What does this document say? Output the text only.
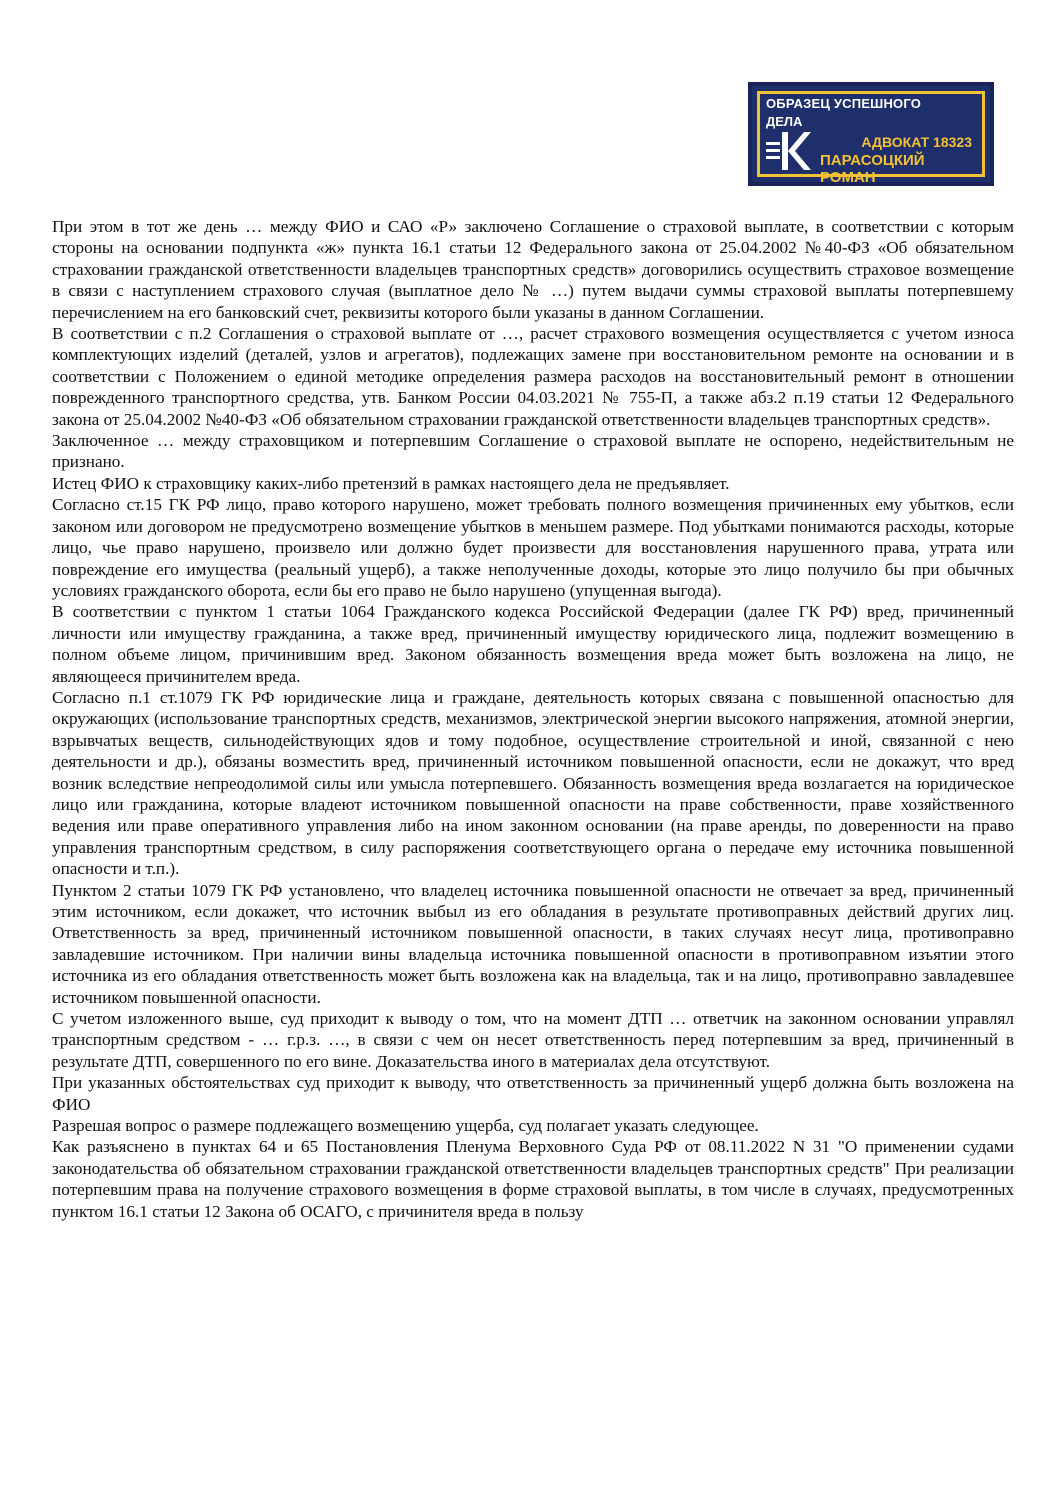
ОБРАЗЕЦ УСПЕШНОГО
ДЕЛА
АДВОКАТ 18323
ПАРАСОЦКИЙ РОМАН

При этом в тот же день … между ФИО и САО «Р» заключено Соглашение о страховой выплате, в соответствии с которым стороны на основании подпункта «ж» пункта 16.1 статьи 12 Федерального закона от 25.04.2002 №40-ФЗ «Об обязательном страховании гражданской ответственности владельцев транспортных средств» договорились осуществить страховое возмещение в связи с наступлением страхового случая (выплатное дело № …) путем выдачи суммы страховой выплаты потерпевшему перечислением на его банковский счет, реквизиты которого были указаны в данном Соглашении.

В соответствии с п.2 Соглашения о страховой выплате от …, расчет страхового возмещения осуществляется с учетом износа комплектующих изделий (деталей, узлов и агрегатов), подлежащих замене при восстановительном ремонте на основании и в соответствии с Положением о единой методике определения размера расходов на восстановительный ремонт в отношении поврежденного транспортного средства, утв. Банком России 04.03.2021 № 755-П, а также абз.2 п.19 статьи 12 Федерального закона от 25.04.2002 №40-ФЗ «Об обязательном страховании гражданской ответственности владельцев транспортных средств».

Заключенное … между страховщиком и потерпевшим Соглашение о страховой выплате не оспорено, недействительным не признано.

Истец ФИО к страховщику каких-либо претензий в рамках настоящего дела не предъявляет.

Согласно ст.15 ГК РФ лицо, право которого нарушено, может требовать полного возмещения причиненных ему убытков, если законом или договором не предусмотрено возмещение убытков в меньшем размере. Под убытками понимаются расходы, которые лицо, чье право нарушено, произвело или должно будет произвести для восстановления нарушенного права, утрата или повреждение его имущества (реальный ущерб), а также неполученные доходы, которые это лицо получило бы при обычных условиях гражданского оборота, если бы его право не было нарушено (упущенная выгода).

В соответствии с пунктом 1 статьи 1064 Гражданского кодекса Российской Федерации (далее ГК РФ) вред, причиненный личности или имуществу гражданина, а также вред, причиненный имуществу юридического лица, подлежит возмещению в полном объеме лицом, причинившим вред. Законом обязанность возмещения вреда может быть возложена на лицо, не являющееся причинителем вреда.

Согласно п.1 ст.1079 ГК РФ юридические лица и граждане, деятельность которых связана с повышенной опасностью для окружающих (использование транспортных средств, механизмов, электрической энергии высокого напряжения, атомной энергии, взрывчатых веществ, сильнодействующих ядов и тому подобное, осуществление строительной и иной, связанной с нею деятельности и др.), обязаны возместить вред, причиненный источником повышенной опасности, если не докажут, что вред возник вследствие непреодолимой силы или умысла потерпевшего. Обязанность возмещения вреда возлагается на юридическое лицо или гражданина, которые владеют источником повышенной опасности на праве собственности, праве хозяйственного ведения или праве оперативного управления либо на ином законном основании (на праве аренды, по доверенности на право управления транспортным средством, в силу распоряжения соответствующего органа о передаче ему источника повышенной опасности и т.п.).

Пунктом 2 статьи 1079 ГК РФ установлено, что владелец источника повышенной опасности не отвечает за вред, причиненный этим источником, если докажет, что источник выбыл из его обладания в результате противоправных действий других лиц. Ответственность за вред, причиненный источником повышенной опасности, в таких случаях несут лица, противоправно завладевшие источником. При наличии вины владельца источника повышенной опасности в противоправном изъятии этого источника из его обладания ответственность может быть возложена как на владельца, так и на лицо, противоправно завладевшее источником повышенной опасности.

С учетом изложенного выше, суд приходит к выводу о том, что на момент ДТП … ответчик на законном основании управлял транспортным средством - … г.р.з. …, в связи с чем он несет ответственность перед потерпевшим за вред, причиненный в результате ДТП, совершенного по его вине. Доказательства иного в материалах дела отсутствуют.

При указанных обстоятельствах суд приходит к выводу, что ответственность за причиненный ущерб должна быть возложена на ФИО

Разрешая вопрос о размере подлежащего возмещению ущерба, суд полагает указать следующее.

Как разъяснено в пунктах 64 и 65 Постановления Пленума Верховного Суда РФ от 08.11.2022 N 31 "О применении судами законодательства об обязательном страховании гражданской ответственности владельцев транспортных средств" При реализации потерпевшим права на получение страхового возмещения в форме страховой выплаты, в том числе в случаях, предусмотренных пунктом 16.1 статьи 12 Закона об ОСАГО, с причинителя вреда в пользу
